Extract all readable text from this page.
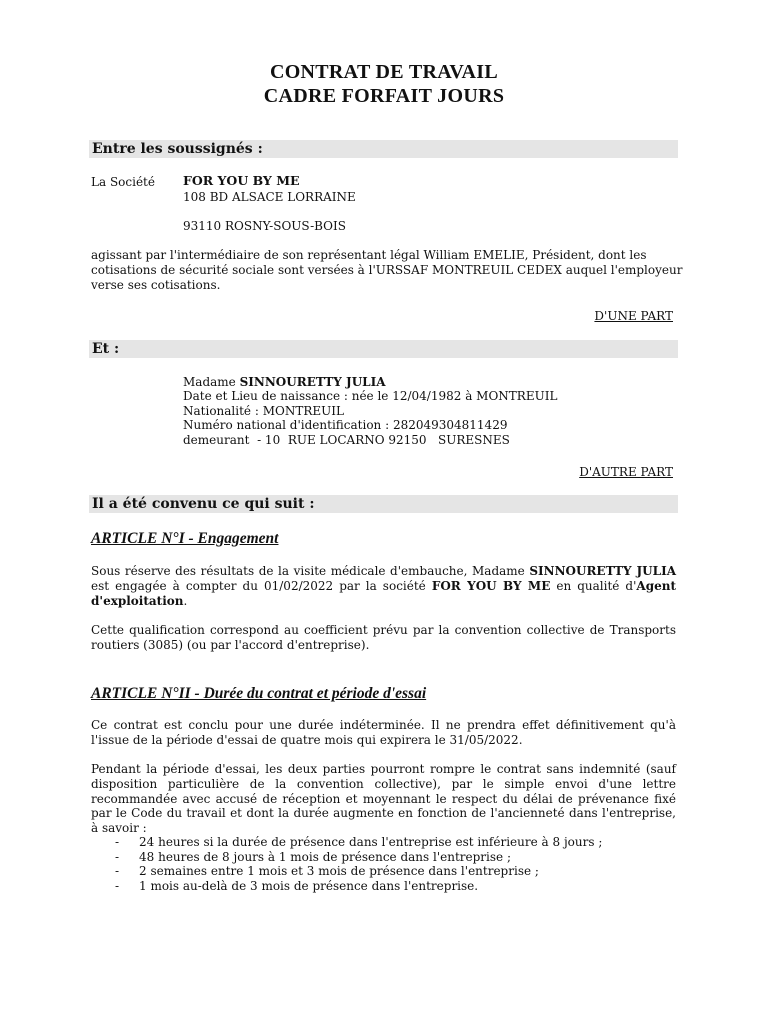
CONTRAT DE TRAVAIL
CADRE FORFAIT JOURS
Entre les soussignés :
La Société FOR YOU BY ME
108 BD ALSACE LORRAINE
93110 ROSNY-SOUS-BOIS
agissant par l'intermédiaire de son représentant légal William EMELIE, Président, dont les
cotisations de sécurité sociale sont versées à l'URSSAF MONTREUIL CEDEX auquel l'employeur
verse ses cotisations.
D'UNE PART
Et :
Madame SINNOURETTY JULIA
Date et Lieu de naissance : née le 12/04/1982 à MONTREUIL
Nationalité : MONTREUIL
Numéro national d'identification : 282049304811429
demeurant  - 10  RUE LOCARNO 92150   SURESNES
D'AUTRE PART
Il a été convenu ce qui suit :
ARTICLE N°I - Engagement
Sous réserve des résultats de la visite médicale d'embauche, Madame SINNOURETTY JULIA est engagée à compter du 01/02/2022 par la société FOR YOU BY ME en qualité d'Agent d'exploitation.
Cette qualification correspond au coefficient prévu par la convention collective de Transports routiers (3085) (ou par l'accord d'entreprise).
ARTICLE N°II - Durée du contrat et période d'essai
Ce contrat est conclu pour une durée indéterminée. Il ne prendra effet définitivement qu'à l'issue de la période d'essai de quatre mois qui expirera le 31/05/2022.
Pendant la période d'essai, les deux parties pourront rompre le contrat sans indemnité (sauf disposition particulière de la convention collective), par le simple envoi d'une lettre recommandée avec accusé de réception et moyennant le respect du délai de prévenance fixé par le Code du travail et dont la durée augmente en fonction de l'ancienneté dans l'entreprise, à savoir :
- 24 heures si la durée de présence dans l'entreprise est inférieure à 8 jours ;
- 48 heures de 8 jours à 1 mois de présence dans l'entreprise ;
- 2 semaines entre 1 mois et 3 mois de présence dans l'entreprise ;
- 1 mois au-delà de 3 mois de présence dans l'entreprise.
